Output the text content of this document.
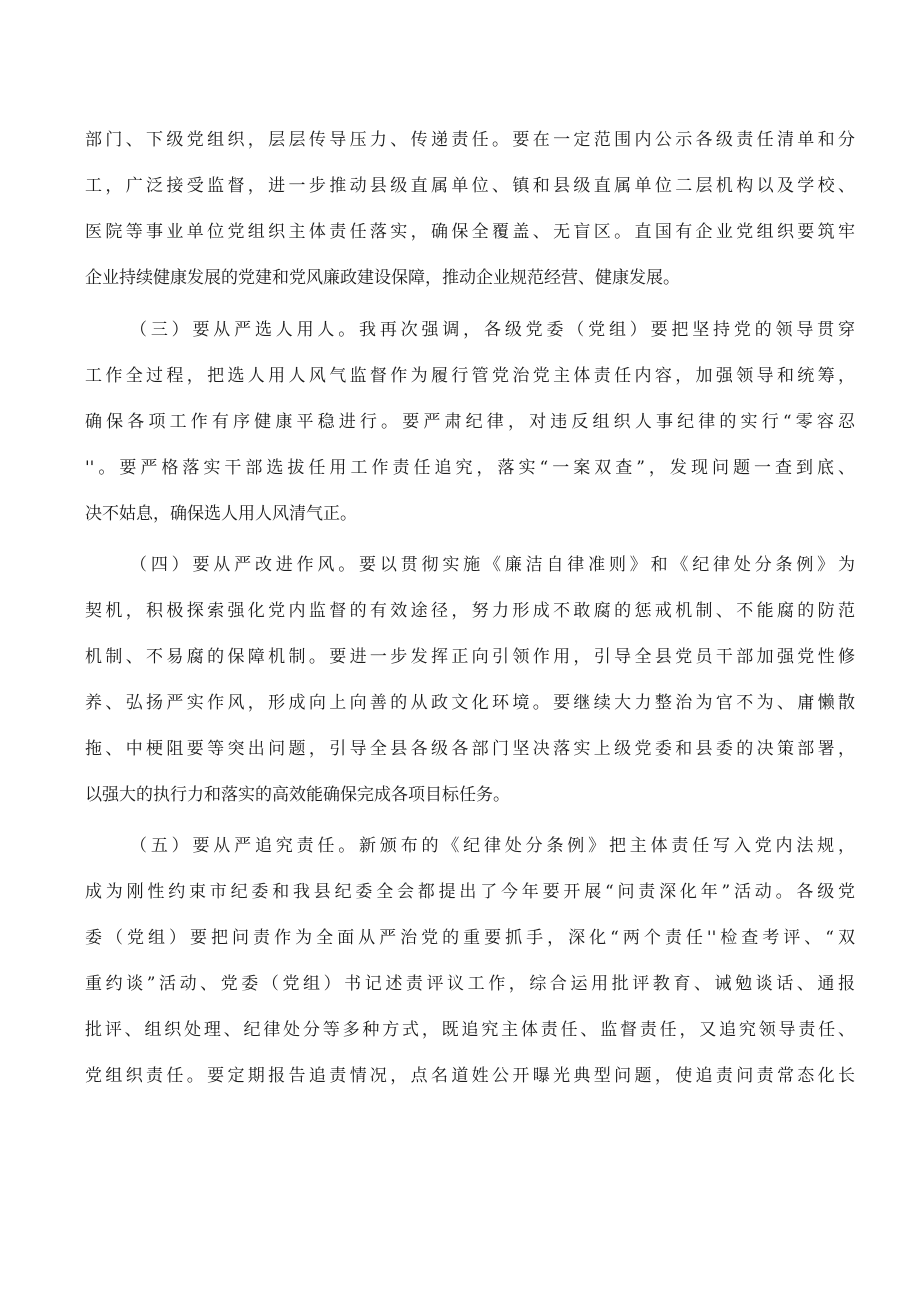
部门、下级党组织，层层传导压力、传递责任。要在一定范围内公示各级责任清单和分
工，广泛接受监督，进一步推动县级直属单位、镇和县级直属单位二层机构以及学校、
医院等事业单位党组织主体责任落实，确保全覆盖、无盲区。直国有企业党组织要筑牢
企业持续健康发展的党建和党风廉政建设保障，推动企业规范经营、健康发展。
（三）要从严选人用人。我再次强调，各级党委（党组）要把坚持党的领导贯穿
工作全过程，把选人用人风气监督作为履行管党治党主体责任内容，加强领导和统筹，
确保各项工作有序健康平稳进行。要严肃纪律，对违反组织人事纪律的实行“零容忍
''。要严格落实干部选拔任用工作责任追究，落实“一案双查”，发现问题一查到底、
决不姑息，确保选人用人风清气正。
（四）要从严改进作风。要以贯彻实施《廉洁自律准则》和《纪律处分条例》为
契机，积极探索强化党内监督的有效途径，努力形成不敢腐的惩戒机制、不能腐的防范
机制、不易腐的保障机制。要进一步发挥正向引领作用，引导全县党员干部加强党性修
养、弘扬严实作风，形成向上向善的从政文化环境。要继续大力整治为官不为、庸懒散
拖、中梗阻要等突出问题，引导全县各级各部门坚决落实上级党委和县委的决策部署，
以强大的执行力和落实的高效能确保完成各项目标任务。
（五）要从严追究责任。新颁布的《纪律处分条例》把主体责任写入党内法规，
成为刚性约束市纪委和我县纪委全会都提出了今年要开展“问责深化年”活动。各级党
委（党组）要把问责作为全面从严治党的重要抓手，深化“两个责任''检查考评、“双
重约谈”活动、党委（党组）书记述责评议工作，综合运用批评教育、诫勉谈话、通报
批评、组织处理、纪律处分等多种方式，既追究主体责任、监督责任，又追究领导责任、
党组织责任。要定期报告追责情况，点名道姓公开曝光典型问题，使追责问责常态化长
